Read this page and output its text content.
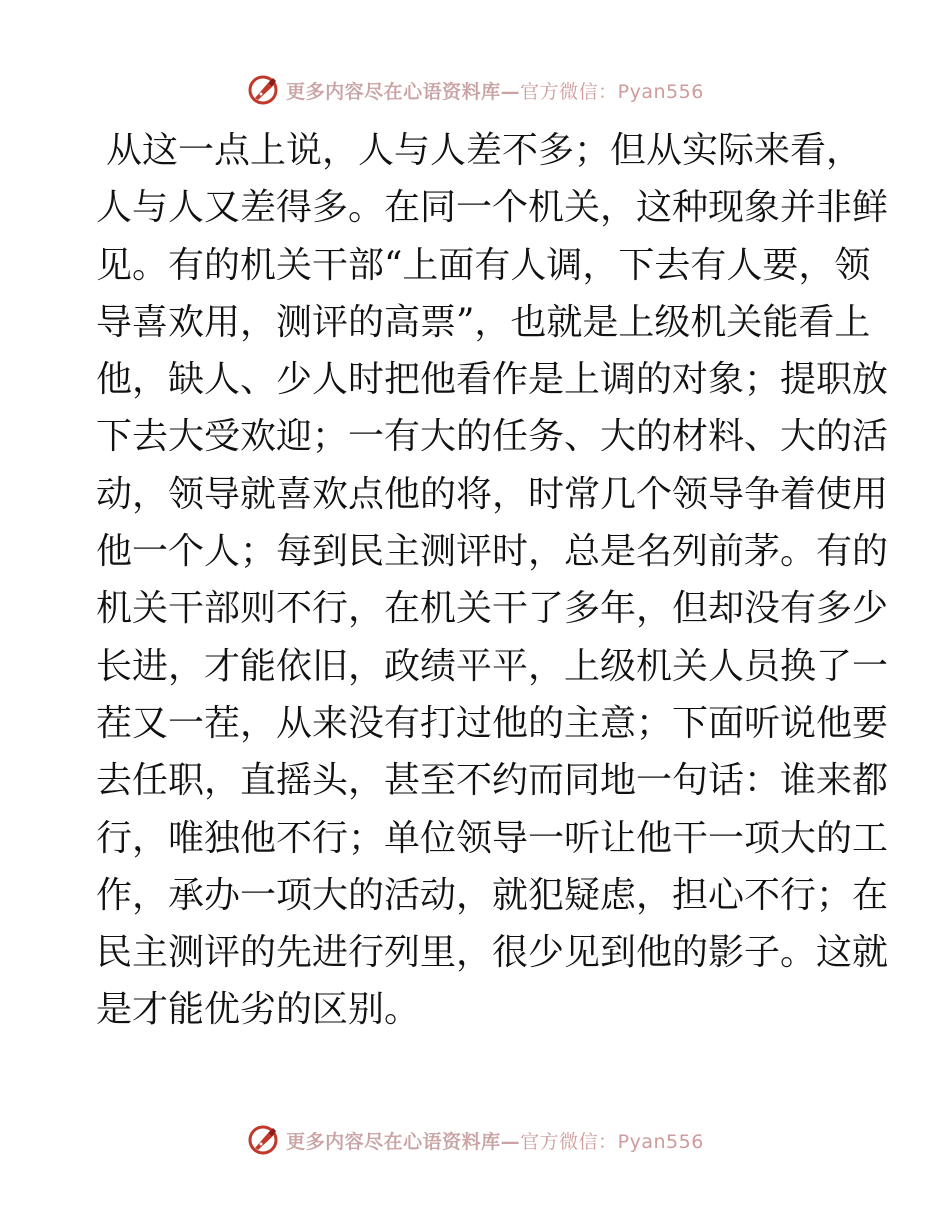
更多内容尽在心语资料库—官方微信：Pyan556
从这一点上说，人与人差不多；但从实际来看，
人与人又差得多。在同一个机关，这种现象并非鲜
见。有的机关干部“上面有人调，下去有人要，领
导喜欢用，测评的高票”，也就是上级机关能看上
他，缺人、少人时把他看作是上调的对象；提职放
下去大受欢迎；一有大的任务、大的材料、大的活
动，领导就喜欢点他的将，时常几个领导争着使用
他一个人；每到民主测评时，总是名列前茅。有的
机关干部则不行，在机关干了多年，但却没有多少
长进，才能依旧，政绩平平，上级机关人员换了一
茬又一茬，从来没有打过他的主意；下面听说他要
去任职，直摇头，甚至不约而同地一句话：谁来都
行，唯独他不行；单位领导一听让他干一项大的工
作，承办一项大的活动，就犯疑虑，担心不行；在
民主测评的先进行列里，很少见到他的影子。这就
是才能优劣的区别。
更多内容尽在心语资料库—官方微信：Pyan556
